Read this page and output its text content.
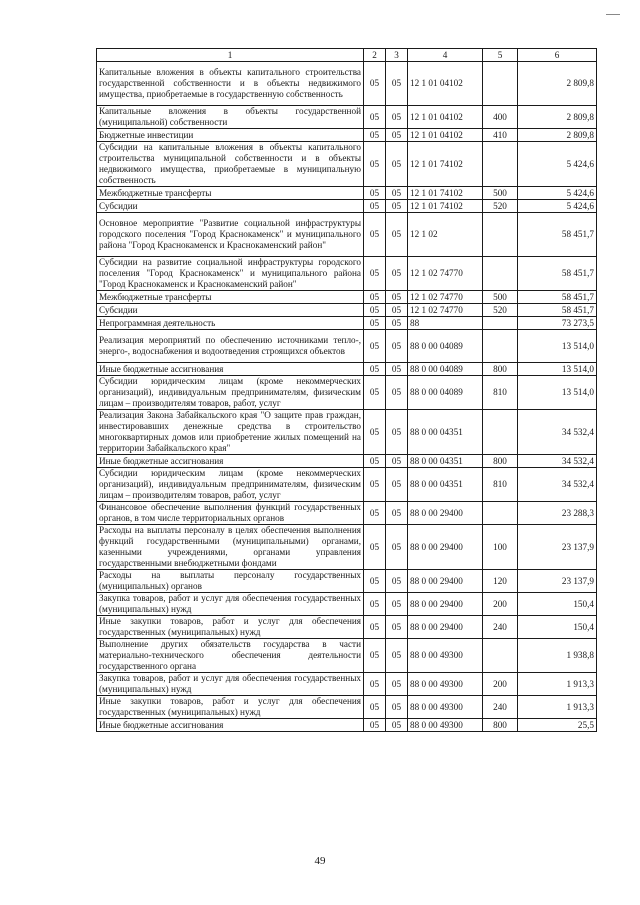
1	2	3	4	5	6
Капитальные вложения в объекты капитального строительства государственной собственности и в объекты недвижимого имущества, приобретаемые в государственную собственность	05	05	12 1 01 04102		2 809,8
Капитальные вложения в объекты государственной (муниципальной) собственности	05	05	12 1 01 04102	400	2 809,8
Бюджетные инвестиции	05	05	12 1 01 04102	410	2 809,8
Субсидии на капитальные вложения в объекты капитального строительства муниципальной собственности и в объекты недвижимого имущества, приобретаемые в муниципальную собственность	05	05	12 1 01 74102		5 424,6
Межбюджетные трансферты	05	05	12 1 01 74102	500	5 424,6
Субсидии	05	05	12 1 01 74102	520	5 424,6
Основное мероприятие "Развитие социальной инфраструктуры городского поселения "Город Краснокаменск" и муниципального района "Город Краснокаменск и Краснокаменский район"	05	05	12 1 02		58 451,7
Субсидии на развитие социальной инфраструктуры городского поселения "Город Краснокаменск" и муниципального района "Город Краснокаменск и Краснокаменский район"	05	05	12 1 02 74770		58 451,7
Межбюджетные трансферты	05	05	12 1 02 74770	500	58 451,7
Субсидии	05	05	12 1 02 74770	520	58 451,7
Непрограммная деятельность	05	05	88		73 273,5
Реализация мероприятий по обеспечению источниками тепло-, энерго-, водоснабжения и водоотведения строящихся объектов	05	05	88 0 00 04089		13 514,0
Иные бюджетные ассигнования	05	05	88 0 00 04089	800	13 514,0
Субсидии юридическим лицам (кроме некоммерческих организаций), индивидуальным предпринимателям, физическим лицам – производителям товаров, работ, услуг	05	05	88 0 00 04089	810	13 514,0
Реализация Закона Забайкальского края "О защите прав граждан, инвестировавших денежные средства в строительство многоквартирных домов или приобретение жилых помещений на территории Забайкальского края"	05	05	88 0 00 04351		34 532,4
Иные бюджетные ассигнования	05	05	88 0 00 04351	800	34 532,4
Субсидии юридическим лицам (кроме некоммерческих организаций), индивидуальным предпринимателям, физическим лицам – производителям товаров, работ, услуг	05	05	88 0 00 04351	810	34 532,4
Финансовое обеспечение выполнения функций государственных органов, в том числе территориальных органов	05	05	88 0 00 29400		23 288,3
Расходы на выплаты персоналу в целях обеспечения выполнения функций государственными (муниципальными) органами, казенными учреждениями, органами управления государственными внебюджетными фондами	05	05	88 0 00 29400	100	23 137,9
Расходы на выплаты персоналу государственных (муниципальных) органов	05	05	88 0 00 29400	120	23 137,9
Закупка товаров, работ и услуг для обеспечения государственных (муниципальных) нужд	05	05	88 0 00 29400	200	150,4
Иные закупки товаров, работ и услуг для обеспечения государственных (муниципальных) нужд	05	05	88 0 00 29400	240	150,4
Выполнение других обязательств государства в части материально-технического обеспечения деятельности государственного органа	05	05	88 0 00 49300		1 938,8
Закупка товаров, работ и услуг для обеспечения государственных (муниципальных) нужд	05	05	88 0 00 49300	200	1 913,3
Иные закупки товаров, работ и услуг для обеспечения государственных (муниципальных) нужд	05	05	88 0 00 49300	240	1 913,3
Иные бюджетные ассигнования	05	05	88 0 00 49300	800	25,5
49
